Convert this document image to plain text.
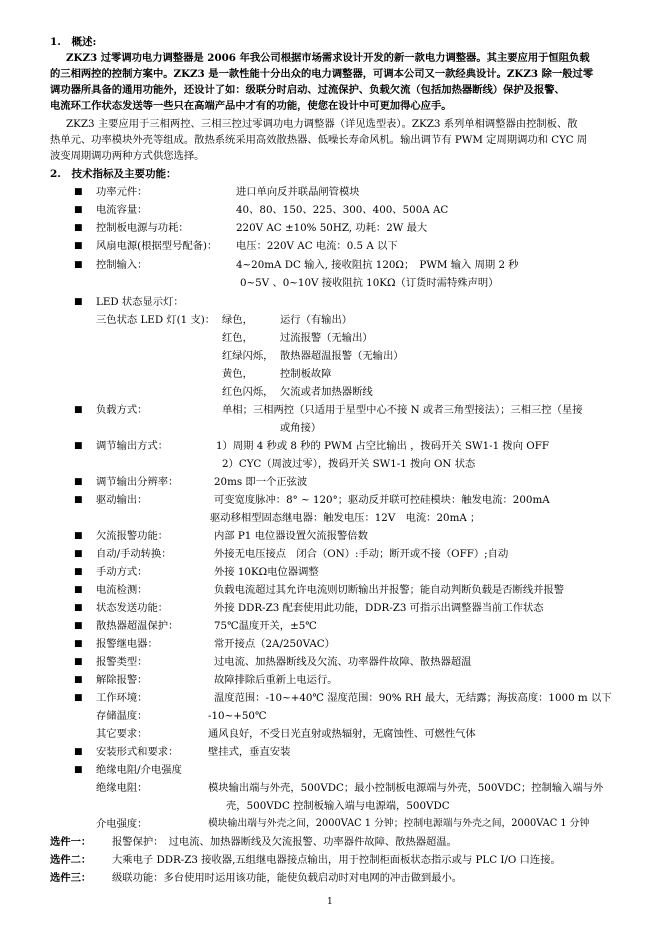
1.　概述:
ZKZ3 过零调功电力调整器是 2006 年我公司根据市场需求设计开发的新一款电力调整器。其主要应用于恒阻负载
的三相两控的控制方案中。ZKZ3 是一款性能十分出众的电力调整器，可调本公司又一款经典设计。ZKZ3 除一般过零
调功器所具备的通用功能外，还设计了如：级联分时启动、过流保护、负载欠流（包括加热器断线）保护及报警、
电流环工作状态发送等一些只在高端产品中才有的功能，使您在设计中可更加得心应手。
ZKZ3 主要应用于三相两控、三相三控过零调功电力调整器（详见选型表）。ZKZ3 系列单相调整器由控制板、散
热单元、功率模块外壳等组成。散热系统采用高效散热器、低噪长寿命风机。输出调节有 PWM 定周期调功和 CYC 周
波变周期调功两种方式供您选择。
2.　技术指标及主要功能：
■ 功率元件：	进口单向反并联晶闸管模块
■ 电流容量：	40、80、150、225、300、400、500A AC
■ 控制板电源与功耗：	220V AC ±10% 50HZ, 功耗：2W 最大
■ 风扇电源(根据型号配备)： 电压：220V AC 电流：0.5 A 以下
■ 控制输入：	4~20mA DC 输入, 接收阻抗 120Ω；　PWM 输入 周期 2 秒
0~5V 、0~10V 接收阻抗 10KΩ（订货时需特殊声明）
■ LED 状态显示灯：
三色状态 LED 灯(1 支)： 绿色，	运行（有输出）
红色，	过流报警（无输出）
红绿闪烁， 散热器超温报警（无输出）
黄色，	控制板故障
红色闪烁， 欠流或者加热器断线
■ 负载方式：	单相；三相两控（只适用于星型中心不接 N 或者三角型接法）；三相三控（星接
或角接）
■ 调节输出方式：	1）周期 4 秒或 8 秒的 PWM 占空比输出 ，拨码开关 SW1-1 拨向 OFF
2）CYC（周波过零），拨码开关 SW1-1 拨向 ON 状态
■ 调节输出分辨率：	20ms 即一个正弦波
■ 驱动输出：	可变宽度脉冲：8° ~ 120°；驱动反并联可控硅模块：触发电流：200mA
驱动移相型固态继电器：触发电压：12V　电流：20mA ；
■ 欠流报警功能：	内部 P1 电位器设置欠流报警倍数
■ 自动/手动转换：	外接无电压接点　闭合（ON）:手动；断开或不接（OFF）;自动
■ 手动方式：	外接 10KΩ电位器调整
■ 电流检测：	负载电流超过其允许电流则切断输出并报警；能自动判断负载是否断线并报警
■ 状态发送功能：	外接 DDR-Z3 配套使用此功能，DDR-Z3 可指示出调整器当前工作状态
■ 散热器超温保护：	75℃温度开关，±5℃
■ 报警继电器：	常开接点（2A/250VAC）
■ 报警类型：	过电流、加热器断线及欠流、功率器件故障、散热器超温
■ 解除报警：	故障排除后重新上电运行。
■ 工作环境：	温度范围：-10~+40℃ 湿度范围：90% RH 最大，无结露；海拔高度：1000 m 以下
存储温度：	-10~+50℃
其它要求：	通风良好，不受日光直射或热辐射，无腐蚀性、可燃性气体
■ 安装形式和要求：	壁挂式，垂直安装
■ 绝缘电阻/介电强度
绝缘电阻：	模块输出端与外壳，500VDC；最小控制板电源端与外壳，500VDC；控制输入端与外
壳，500VDC 控制板输入端与电源端，500VDC
介电强度：	模块输出端与外壳之间，2000VAC 1 分钟；控制电源端与外壳之间，2000VAC 1 分钟
选件一： 报警保护：　过电流、加热器断线及欠流报警、功率器件故障、散热器超温。
选件二： 大乘电子 DDR-Z3 接收器,五组继电器接点输出，用于控制柜面板状态指示或与 PLC I/O 口连接。
选件三： 级联功能：多台使用时运用该功能，能使负载启动时对电网的冲击做到最小。
1
